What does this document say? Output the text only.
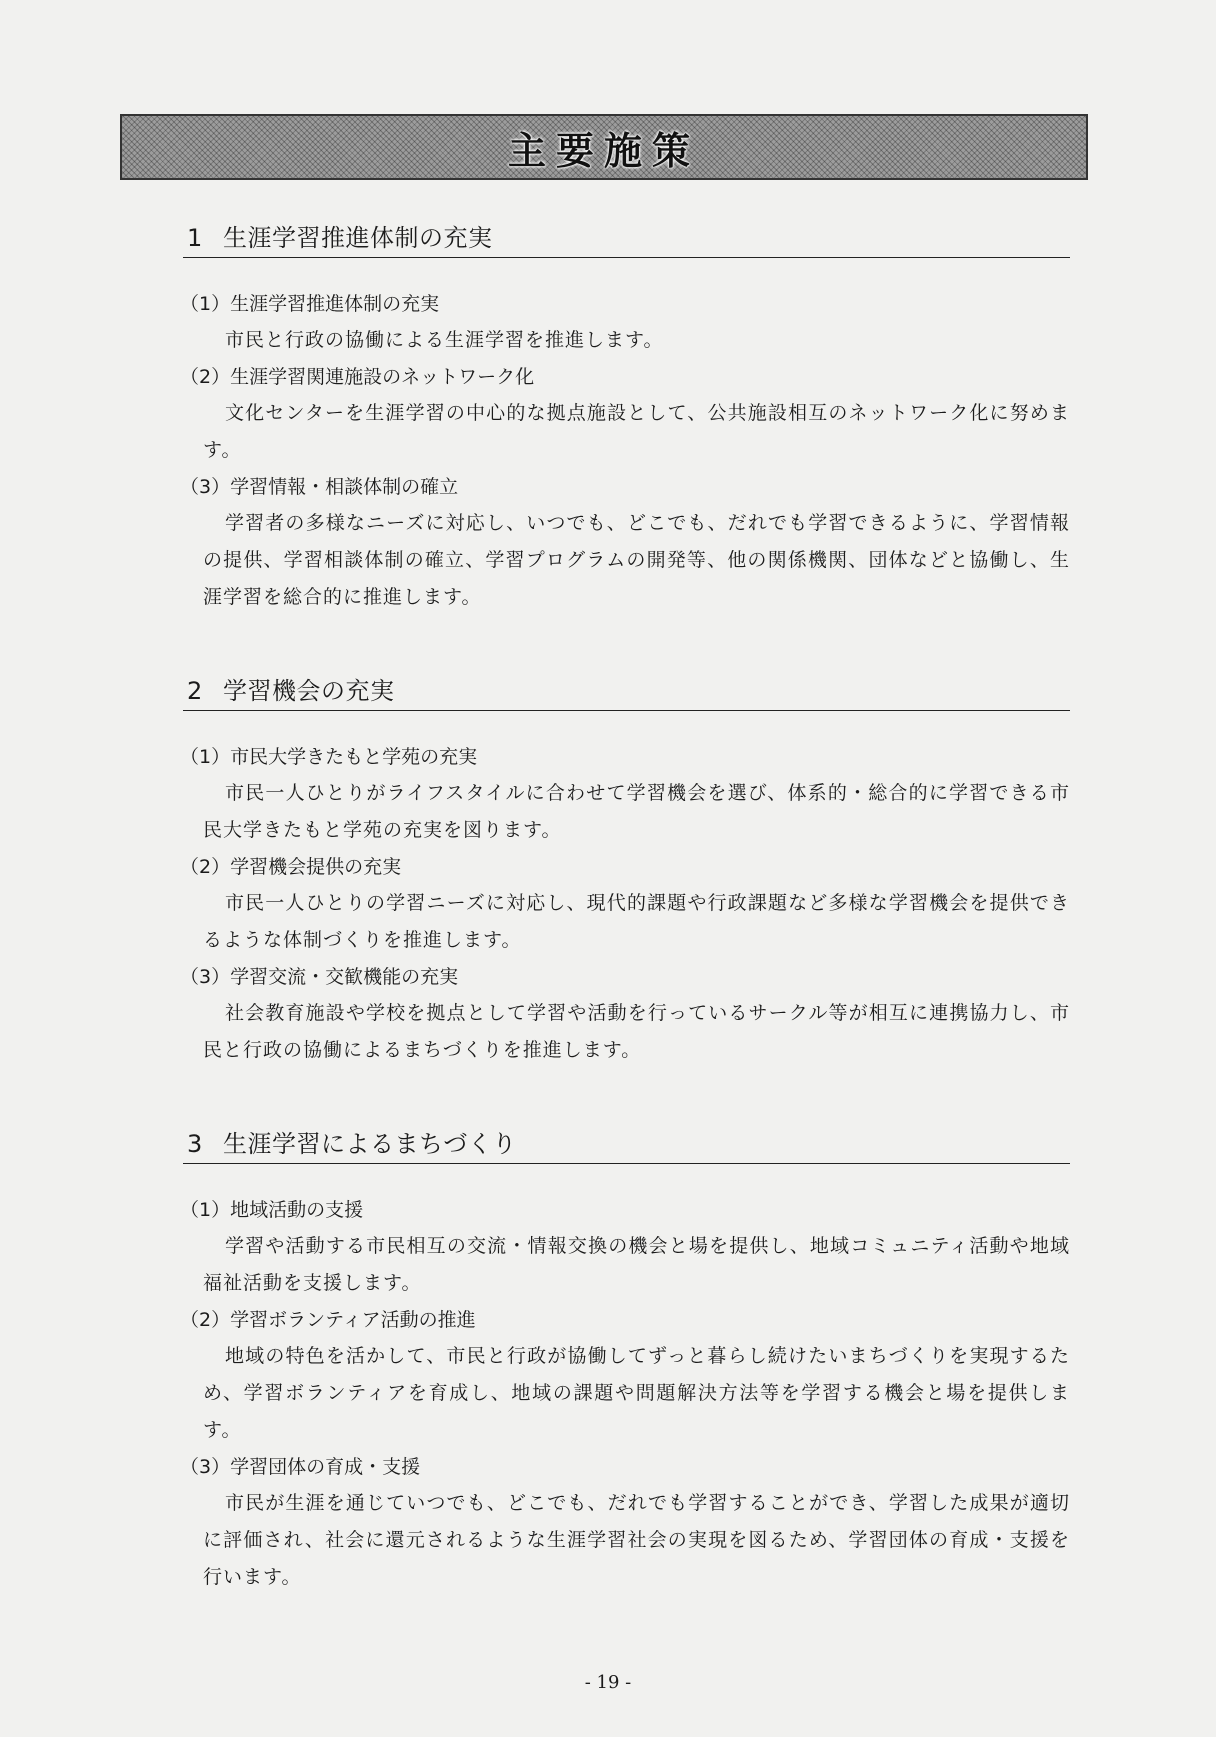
主要施策
1 生涯学習推進体制の充実
（1）生涯学習推進体制の充実
市民と行政の協働による生涯学習を推進します。
（2）生涯学習関連施設のネットワーク化
文化センターを生涯学習の中心的な拠点施設として、公共施設相互のネットワーク化に努めます。
（3）学習情報・相談体制の確立
学習者の多様なニーズに対応し、いつでも、どこでも、だれでも学習できるように、学習情報の提供、学習相談体制の確立、学習プログラムの開発等、他の関係機関、団体などと協働し、生涯学習を総合的に推進します。
2 学習機会の充実
（1）市民大学きたもと学苑の充実
市民一人ひとりがライフスタイルに合わせて学習機会を選び、体系的・総合的に学習できる市民大学きたもと学苑の充実を図ります。
（2）学習機会提供の充実
市民一人ひとりの学習ニーズに対応し、現代的課題や行政課題など多様な学習機会を提供できるような体制づくりを推進します。
（3）学習交流・交歓機能の充実
社会教育施設や学校を拠点として学習や活動を行っているサークル等が相互に連携協力し、市民と行政の協働によるまちづくりを推進します。
3 生涯学習によるまちづくり
（1）地域活動の支援
学習や活動する市民相互の交流・情報交換の機会と場を提供し、地域コミュニティ活動や地域福祉活動を支援します。
（2）学習ボランティア活動の推進
地域の特色を活かして、市民と行政が協働してずっと暮らし続けたいまちづくりを実現するため、学習ボランティアを育成し、地域の課題や問題解決方法等を学習する機会と場を提供します。
（3）学習団体の育成・支援
市民が生涯を通じていつでも、どこでも、だれでも学習することができ、学習した成果が適切に評価され、社会に還元されるような生涯学習社会の実現を図るため、学習団体の育成・支援を行います。
- 19 -
